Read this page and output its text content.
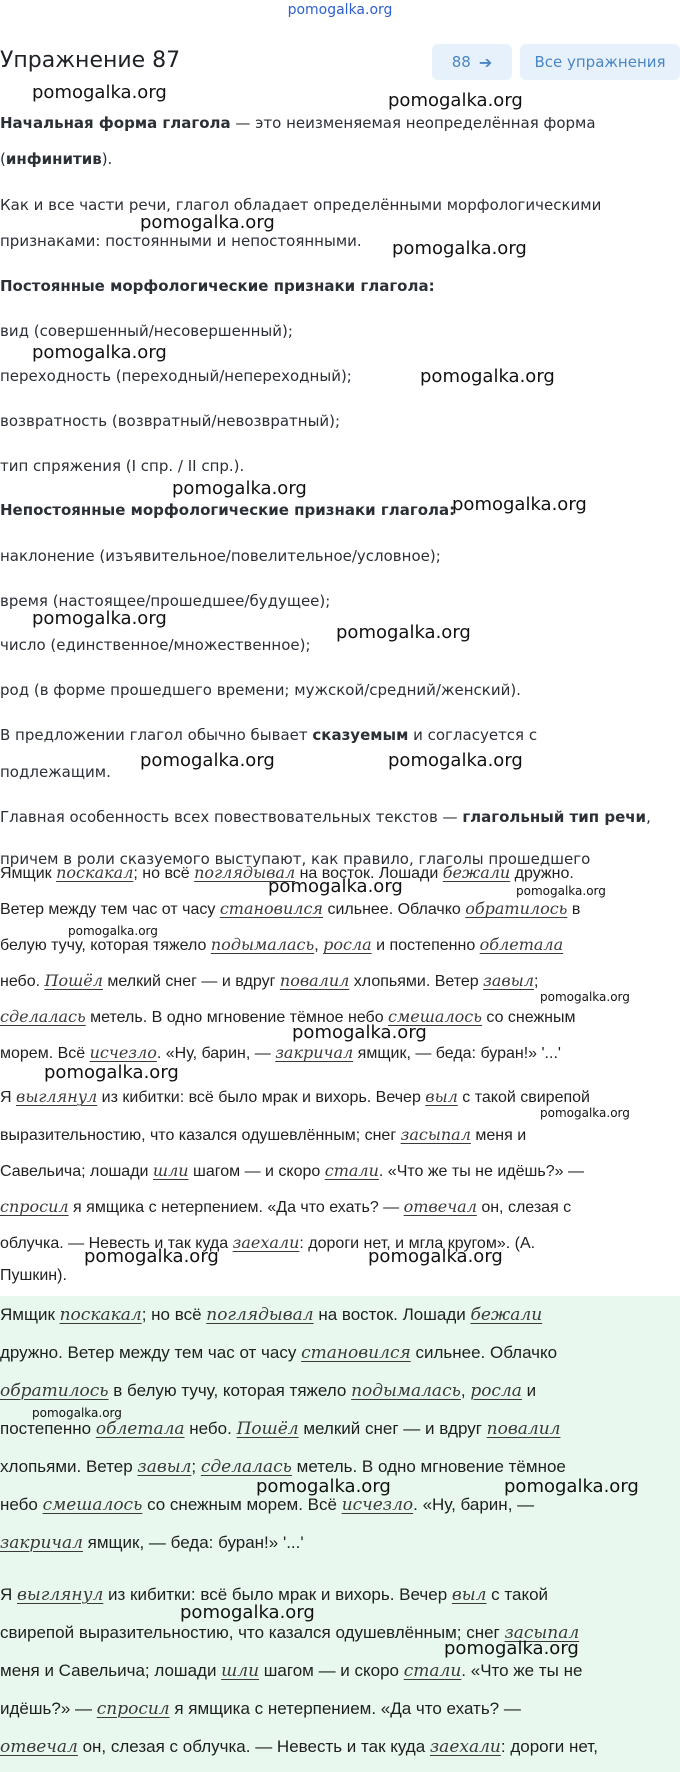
pomogalka.org
Упражнение 87	88 ➔	Все упражнения
Начальная форма глагола — это неизменяемая неопределённая форма
(инфинитив).
Как и все части речи, глагол обладает определёнными морфологическими
признаками: постоянными и непостоянными.
Постоянные морфологические признаки глагола:
вид (совершенный/несовершенный);
переходность (переходный/непереходный);
возвратность (возвратный/невозвратный);
тип спряжения (I спр. / II спр.).
Непостоянные морфологические признаки глагола:
наклонение (изъявительное/повелительное/условное);
время (настоящее/прошедшее/будущее);
число (единственное/множественное);
род (в форме прошедшего времени; мужской/средний/женский).
В предложении глагол обычно бывает сказуемым и согласуется с
подлежащим.
Главная особенность всех повествовательных текстов — глагольный тип речи,
причем в роли сказуемого выступают, как правило, глаголы прошедшего
Ямщик поскакал; но всё поглядывал на восток. Лошади бежали дружно.
Ветер между тем час от часу становился сильнее. Облачко обратилось в
белую тучу, которая тяжело подымалась, росла и постепенно облетала
небо. Пошёл мелкий снег — и вдруг повалил хлопьями. Ветер завыл;
сделалась метель. В одно мгновение тёмное небо смешалось со снежным
морем. Всё исчезло. «Ну, барин, — закричал ямщик, — беда: буран!» '...'
Я выглянул из кибитки: всё было мрак и вихорь. Вечер выл с такой свирепой
выразительностию, что казался одушевлённым; снег засыпал меня и
Савельича; лошади шли шагом — и скоро стали. «Что же ты не идёшь?» —
спросил я ямщика с нетерпением. «Да что ехать? — отвечал он, слезая с
облучка. — Невесть и так куда заехали: дороги нет, и мгла кругом». (А.
Пушкин).
Ямщик поскакал; но всё поглядывал на восток. Лошади бежали
дружно. Ветер между тем час от часу становился сильнее. Облачко
обратилось в белую тучу, которая тяжело подымалась, росла и
постепенно облетала небо. Пошёл мелкий снег — и вдруг повалил
хлопьями. Ветер завыл; сделалась метель. В одно мгновение тёмное
небо смешалось со снежным морем. Всё исчезло. «Ну, барин, —
закричал ямщик, — беда: буран!» '...'
Я выглянул из кибитки: всё было мрак и вихорь. Вечер выл с такой
свирепой выразительностию, что казался одушевлённым; снег засыпал
меня и Савельича; лошади шли шагом — и скоро стали. «Что же ты не
идёшь?» — спросил я ямщика с нетерпением. «Да что ехать? —
отвечал он, слезая с облучка. — Невесть и так куда заехали: дороги нет,
pomogalka.org	pomogalka.org
pomogalka.org
pomogalka.org
pomogalka.org
pomogalka.org
pomogalka.org
pomogalka.org
pomogalka.org
pomogalka.org
pomogalka.org	pomogalka.org
pomogalka.org	pomogalka.org
pomogalka.org
pomogalka.org
pomogalka.org
pomogalka.org
pomogalka.org
pomogalka.org	pomogalka.org
pomogalka.org
pomogalka.org	pomogalka.org
pomogalka.org
pomogalka.org
